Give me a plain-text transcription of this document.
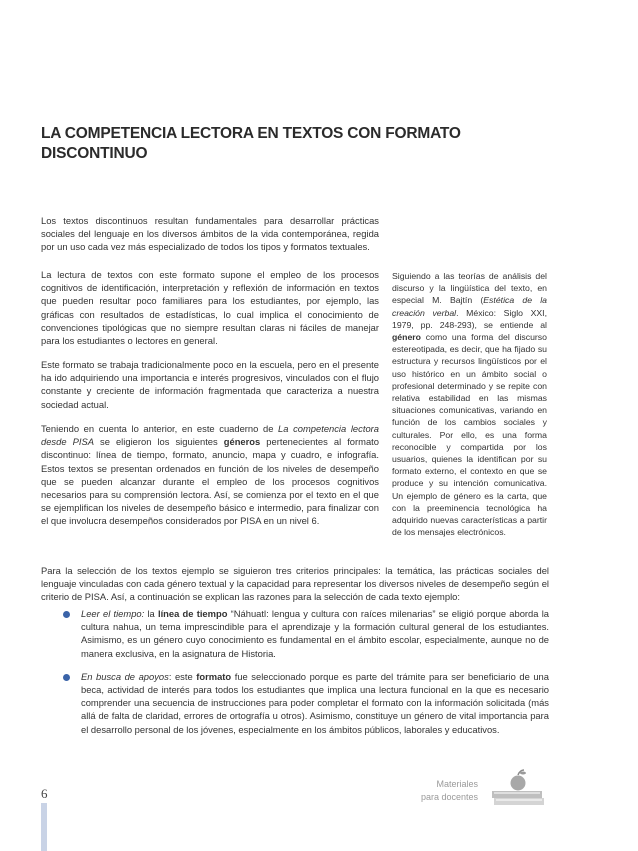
LA COMPETENCIA LECTORA EN TEXTOS CON FORMATO DISCONTINUO

Los textos discontinuos resultan fundamentales para desarrollar prácticas sociales del lenguaje en los diversos ámbitos de la vida contemporánea, regida por un uso cada vez más especializado de todos los tipos y formatos textuales.

La lectura de textos con este formato supone el empleo de los procesos cognitivos de identificación, interpretación y reflexión de información en textos que pueden resultar poco familiares para los estudiantes, por ejemplo, las gráficas con resultados de estadísticas, lo cual implica el conocimiento de convenciones tipológicas que no siempre resultan claras ni fáciles de manejar para los estudiantes o lectores en general.

Este formato se trabaja tradicionalmente poco en la escuela, pero en el presente ha ido adquiriendo una importancia e interés progresivos, vinculados con el flujo constante y creciente de información fragmentada que caracteriza a nuestra sociedad actual.

Teniendo en cuenta lo anterior, en este cuaderno de La competencia lectora desde PISA se eligieron los siguientes géneros pertenecientes al formato discontinuo: línea de tiempo, formato, anuncio, mapa y cuadro, e infografía. Estos textos se presentan ordenados en función de los niveles de desempeño que se pueden alcanzar durante el empleo de los procesos cognitivos necesarios para su comprensión lectora. Así, se comienza por el texto en el que se ejemplifican los niveles de desempeño básico e intermedio, para finalizar con el que involucra desempeños considerados por PISA en un nivel 6.

Siguiendo a las teorías de análisis del discurso y la lingüística del texto, en especial M. Bajtín (Estética de la creación verbal. México: Siglo XXI, 1979, pp. 248-293), se entiende al género como una forma del discurso estereotipada, es decir, que ha fijado su estructura y recursos lingüísticos por el uso histórico en un ámbito social o profesional determinado y se repite con relativa estabilidad en las mismas situaciones comunicativas, variando en función de los cambios sociales y culturales. Por ello, es una forma reconocible y compartida por los usuarios, quienes la identifican por su formato externo, el contexto en que se produce y su intención comunicativa. Un ejemplo de género es la carta, que con la preeminencia tecnológica ha adquirido nuevas características a partir de los mensajes electrónicos.

Para la selección de los textos ejemplo se siguieron tres criterios principales: la temática, las prácticas sociales del lenguaje vinculadas con cada género textual y la capacidad para representar los diversos niveles de desempeño según el criterio de PISA. Así, a continuación se explican las razones para la selección de cada texto ejemplo:

Leer el tiempo: la línea de tiempo “Náhuatl: lengua y cultura con raíces milenarias” se eligió porque aborda la cultura nahua, un tema imprescindible para el aprendizaje y la formación cultural general de los estudiantes. Asimismo, es un género cuyo conocimiento es fundamental en el ámbito escolar, especialmente, aunque no de manera exclusiva, en la asignatura de Historia.
En busca de apoyos: este formato fue seleccionado porque es parte del trámite para ser beneficiario de una beca, actividad de interés para todos los estudiantes que implica una lectura funcional en la que es necesario comprender una secuencia de instrucciones para poder completar el formato con la información solicitada (más allá de falta de claridad, errores de ortografía u otros). Asimismo, constituye un género de vital importancia para el desarrollo personal de los jóvenes, especialmente en los ámbitos públicos, laborales y educativos.
6
Materiales
para docentes
